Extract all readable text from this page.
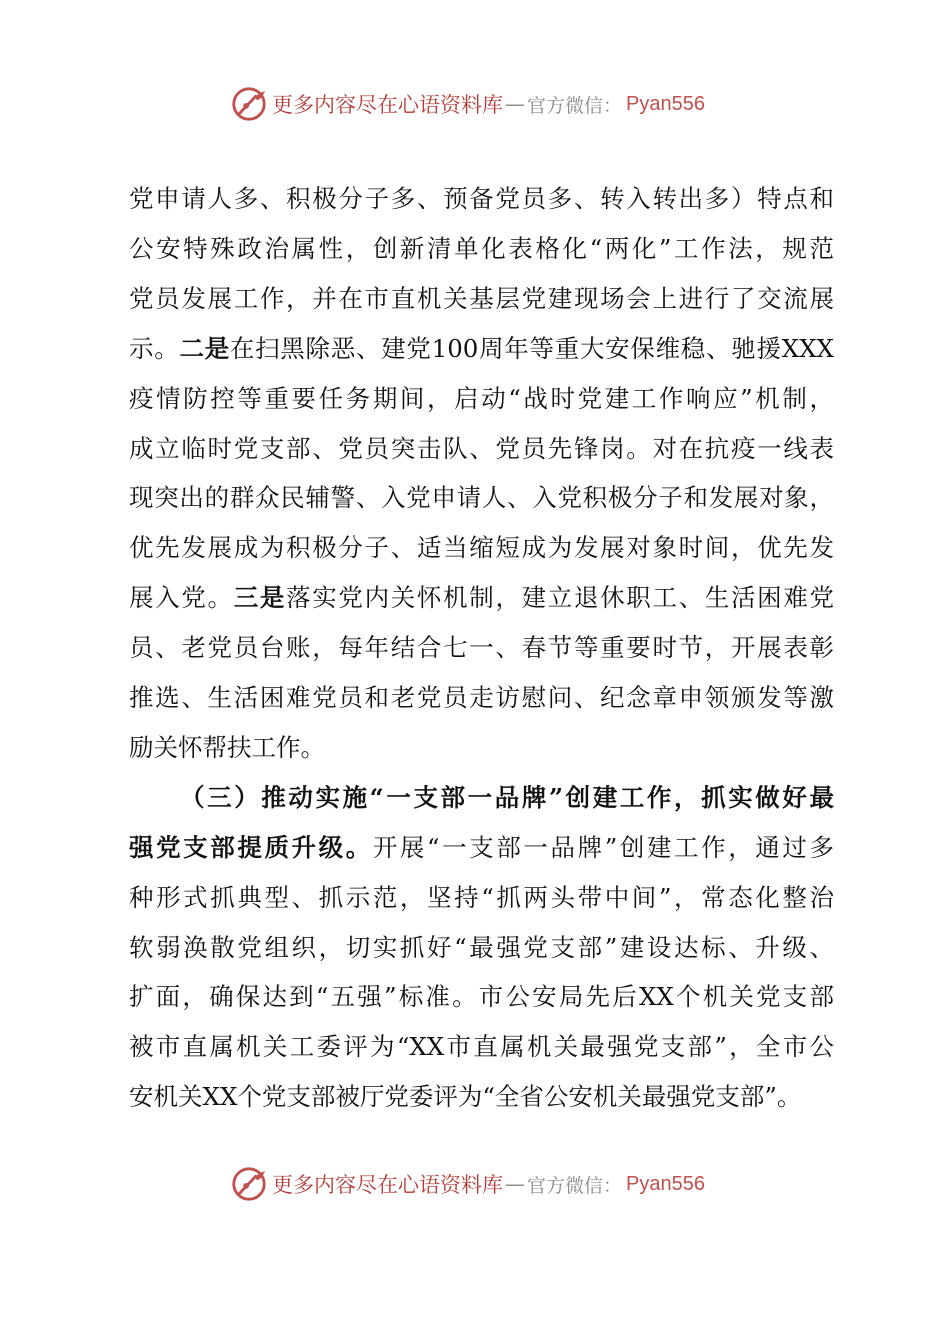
更多内容尽在心语资料库 — 官方微信： Pyan556
党申请人多、积极分子多、预备党员多、转入转出多）特点和
公安特殊政治属性，创新清单化表格化“两化”工作法，规范
党员发展工作，并在市直机关基层党建现场会上进行了交流展
示。二是在扫黑除恶、建党100周年等重大安保维稳、驰援XXX
疫情防控等重要任务期间，启动“战时党建工作响应”机制，
成立临时党支部、党员突击队、党员先锋岗。对在抗疫一线表
现突出的群众民辅警、入党申请人、入党积极分子和发展对象，
优先发展成为积极分子、适当缩短成为发展对象时间，优先发
展入党。三是落实党内关怀机制，建立退休职工、生活困难党
员、老党员台账，每年结合七一、春节等重要时节，开展表彰
推选、生活困难党员和老党员走访慰问、纪念章申领颁发等激
励关怀帮扶工作。
（三）推动实施“一支部一品牌”创建工作，抓实做好最
强党支部提质升级。开展“一支部一品牌”创建工作，通过多
种形式抓典型、抓示范，坚持“抓两头带中间”，常态化整治
软弱涣散党组织，切实抓好“最强党支部”建设达标、升级、
扩面，确保达到“五强”标准。市公安局先后XX个机关党支部
被市直属机关工委评为“XX市直属机关最强党支部”，全市公
安机关XX个党支部被厅党委评为“全省公安机关最强党支部”。
更多内容尽在心语资料库 — 官方微信： Pyan556
